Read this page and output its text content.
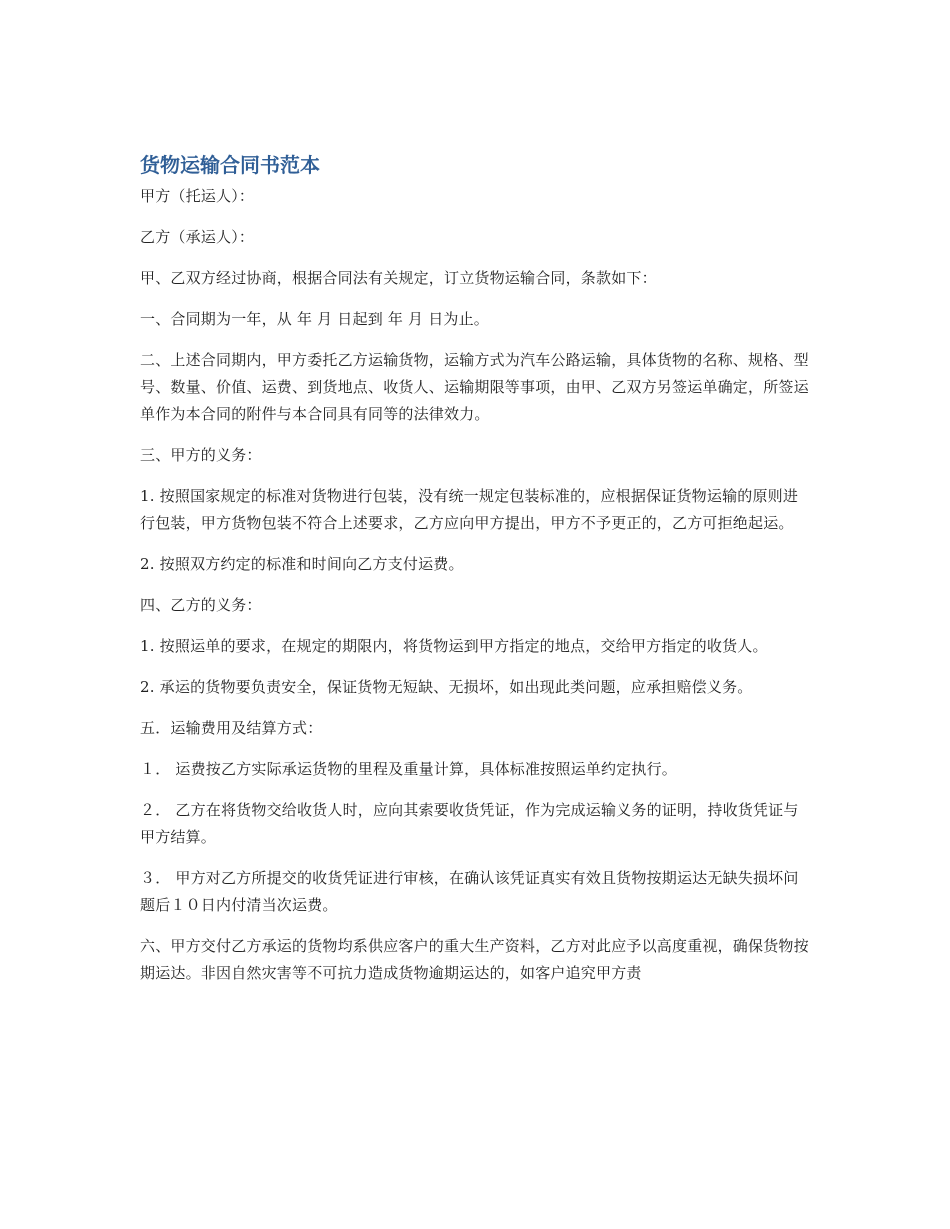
货物运输合同书范本

甲方（托运人）：

乙方（承运人）：

甲、乙双方经过协商，根据合同法有关规定，订立货物运输合同，条款如下：

一、合同期为一年，从 年 月 日起到 年 月 日为止。

二、上述合同期内，甲方委托乙方运输货物，运输方式为汽车公路运输，具体货物的名称、规格、型号、数量、价值、运费、到货地点、收货人、运输期限等事项，由甲、乙双方另签运单确定，所签运单作为本合同的附件与本合同具有同等的法律效力。

三、甲方的义务：

1. 按照国家规定的标准对货物进行包装，没有统一规定包装标准的，应根据保证货物运输的原则进行包装，甲方货物包装不符合上述要求，乙方应向甲方提出，甲方不予更正的，乙方可拒绝起运。

2. 按照双方约定的标准和时间向乙方支付运费。

四、乙方的义务：

1. 按照运单的要求，在规定的期限内，将货物运到甲方指定的地点，交给甲方指定的收货人。

2. 承运的货物要负责安全，保证货物无短缺、无损坏，如出现此类问题，应承担赔偿义务。

五．运输费用及结算方式：

１． 运费按乙方实际承运货物的里程及重量计算，具体标准按照运单约定执行。

２． 乙方在将货物交给收货人时，应向其索要收货凭证，作为完成运输义务的证明，持收货凭证与甲方结算。

３． 甲方对乙方所提交的收货凭证进行审核，在确认该凭证真实有效且货物按期运达无缺失损坏问题后１０日内付清当次运费。

六、甲方交付乙方承运的货物均系供应客户的重大生产资料，乙方对此应予以高度重视，确保货物按期运达。非因自然灾害等不可抗力造成货物逾期运达的，如客户追究甲方责
